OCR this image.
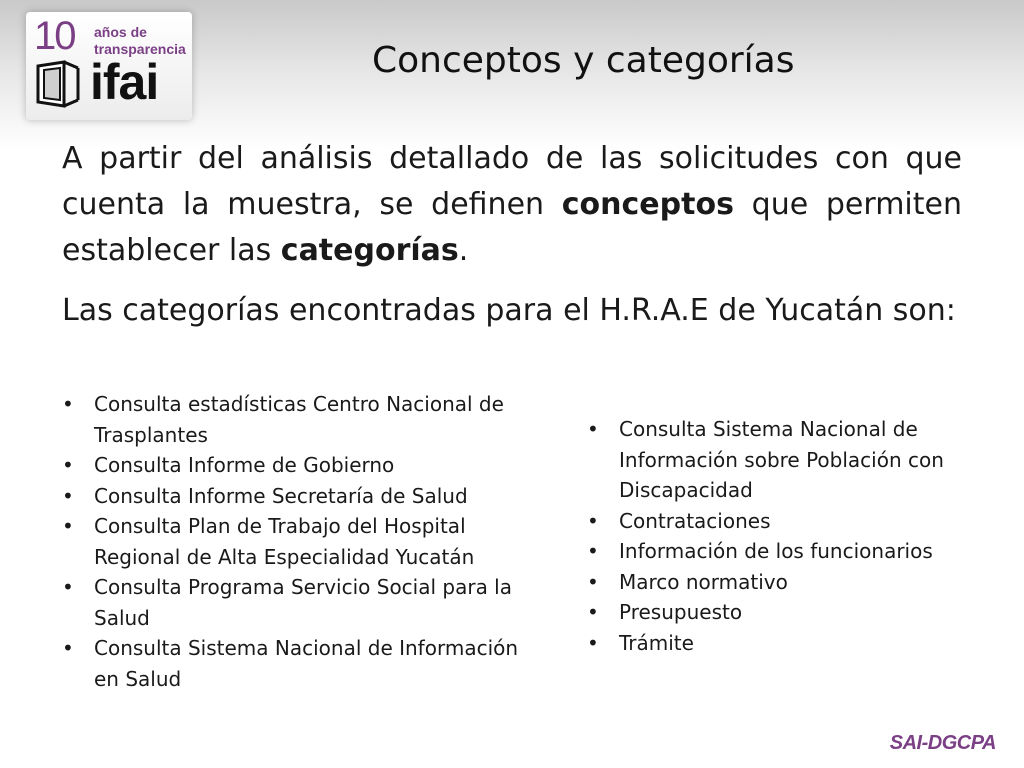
10 años de
transparencia
ifai	Conceptos y categorías

A partir del análisis detallado de las solicitudes con que cuenta la muestra, se definen conceptos que permiten establecer las categorías.

Las categorías encontradas para el H.R.A.E de Yucatán son:

• Consulta estadísticas Centro Nacional de Trasplantes
• Consulta Informe de Gobierno
• Consulta Informe Secretaría de Salud
• Consulta Plan de Trabajo del Hospital Regional de Alta Especialidad Yucatán
• Consulta Programa Servicio Social para la Salud
• Consulta Sistema Nacional de Información en Salud
• Consulta Sistema Nacional de Información sobre Población con Discapacidad
• Contrataciones
• Información de los funcionarios
• Marco normativo
• Presupuesto
• Trámite
SAI-DGCPA
